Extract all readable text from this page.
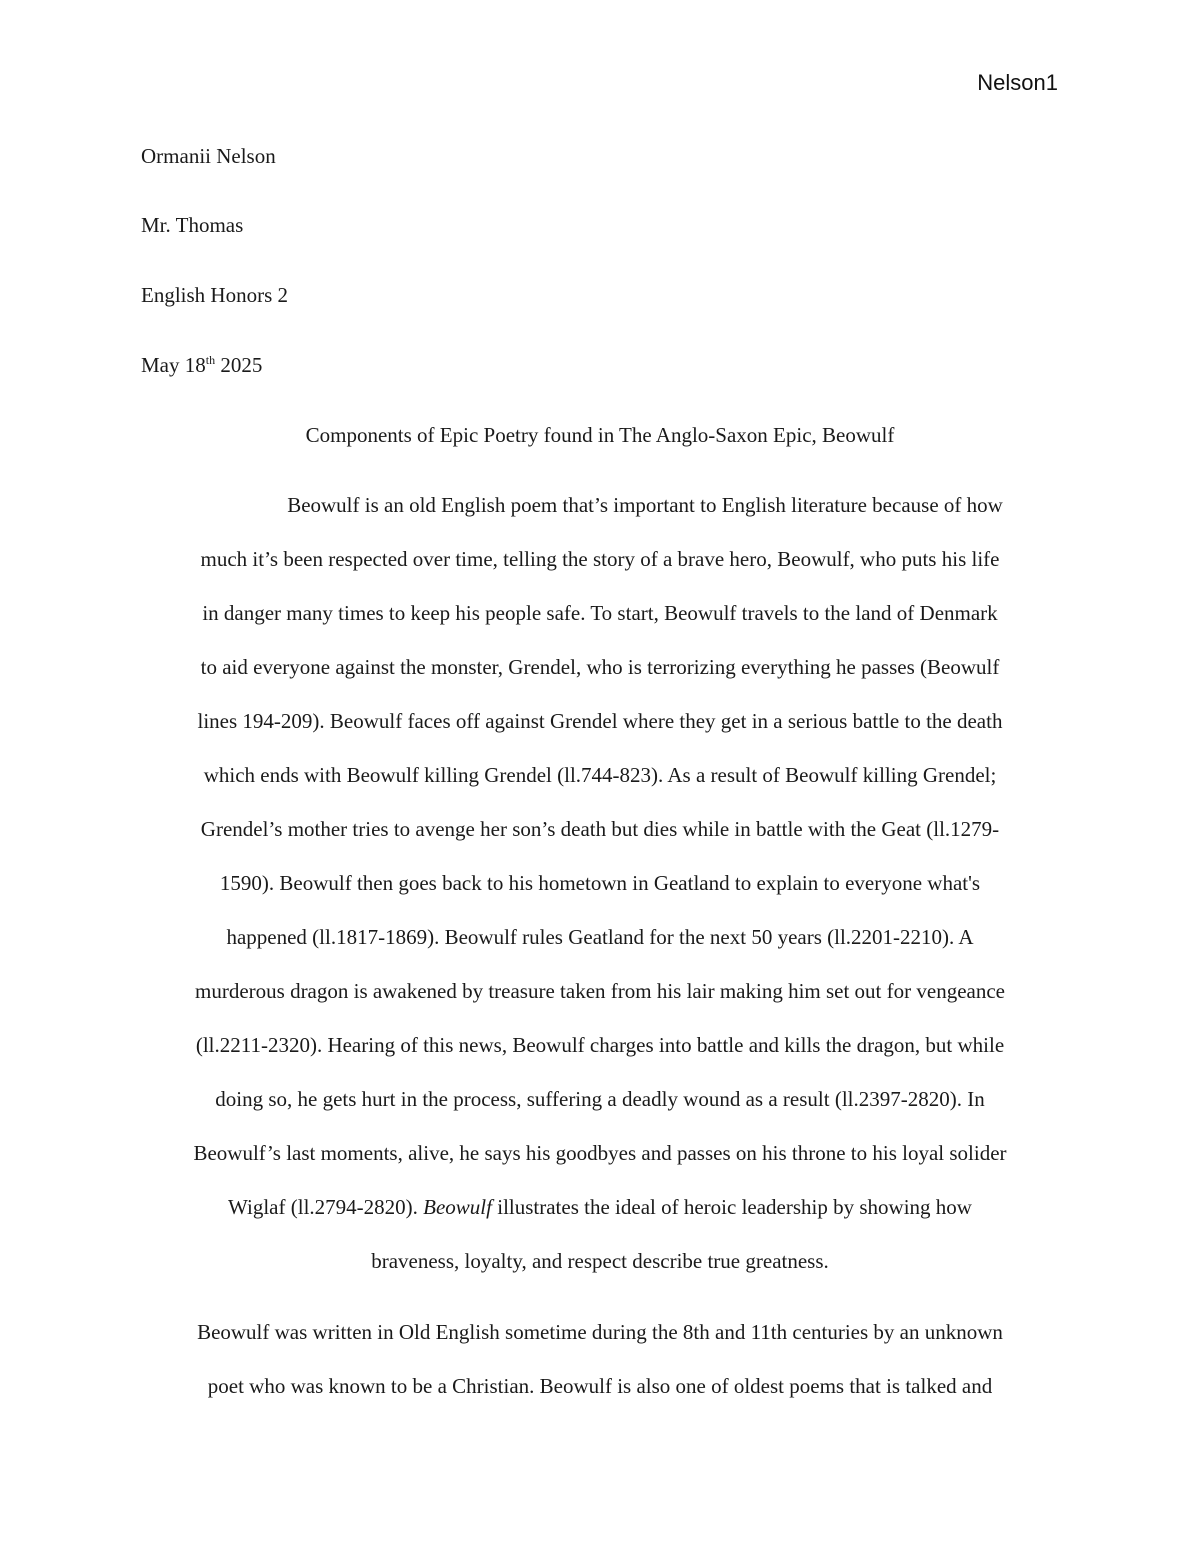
Nelson1
Ormanii Nelson
Mr. Thomas
English Honors 2
May 18th 2025
Components of Epic Poetry found in The Anglo-Saxon Epic, Beowulf
Beowulf is an old English poem that’s important to English literature because of how
much it’s been respected over time, telling the story of a brave hero, Beowulf, who puts his life
in danger many times to keep his people safe. To start, Beowulf travels to the land of Denmark
to aid everyone against the monster, Grendel, who is terrorizing everything he passes (Beowulf
lines 194-209). Beowulf faces off against Grendel where they get in a serious battle to the death
which ends with Beowulf killing Grendel (ll.744-823). As a result of Beowulf killing Grendel;
Grendel’s mother tries to avenge her son’s death but dies while in battle with the Geat (ll.1279-
1590). Beowulf then goes back to his hometown in Geatland to explain to everyone what's
happened (ll.1817-1869). Beowulf rules Geatland for the next 50 years (ll.2201-2210). A
murderous dragon is awakened by treasure taken from his lair making him set out for vengeance
(ll.2211-2320). Hearing of this news, Beowulf charges into battle and kills the dragon, but while
doing so, he gets hurt in the process, suffering a deadly wound as a result (ll.2397-2820). In
Beowulf’s last moments, alive, he says his goodbyes and passes on his throne to his loyal solider
Wiglaf (ll.2794-2820). Beowulf illustrates the ideal of heroic leadership by showing how
braveness, loyalty, and respect describe true greatness.
Beowulf was written in Old English sometime during the 8th and 11th centuries by an unknown
poet who was known to be a Christian. Beowulf is also one of oldest poems that is talked and
